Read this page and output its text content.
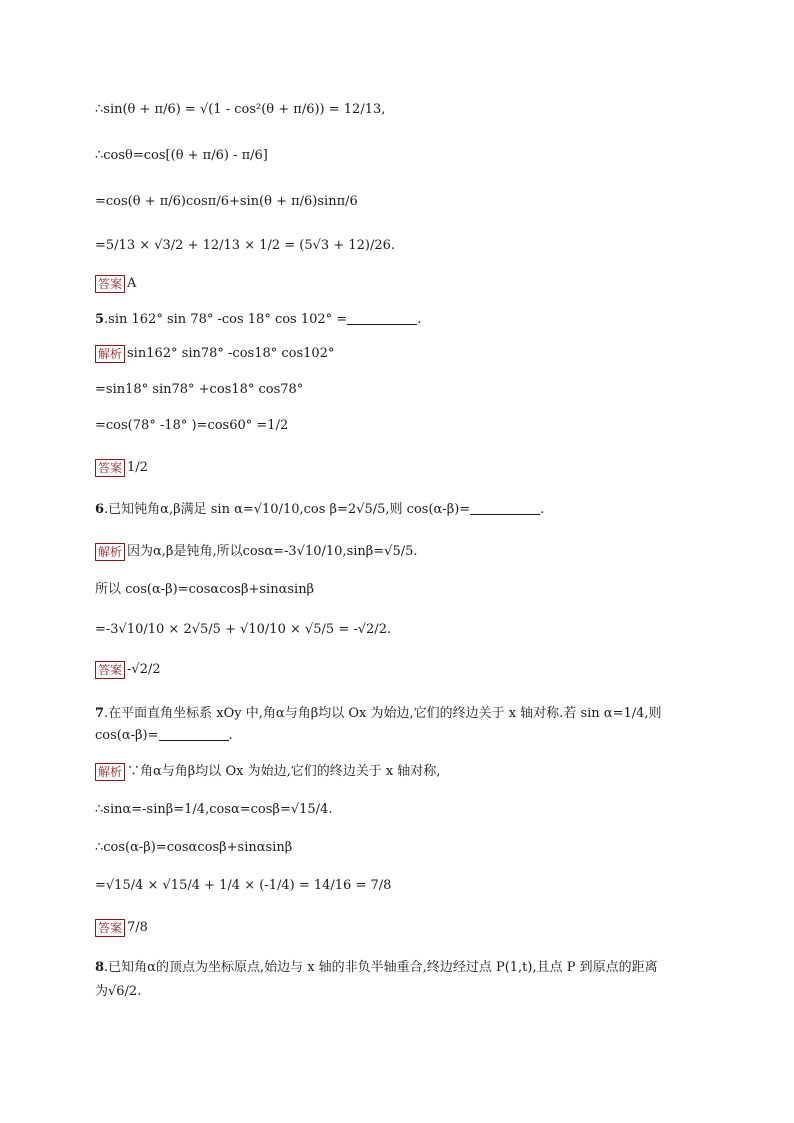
∴sin(θ + π/6) = √(1 - cos²(θ + π/6)) = 12/13,
∴cosθ=cos[(θ + π/6) - π/6]
=cos(θ + π/6)cosπ/6+sin(θ + π/6)sinπ/6
=5/13 × √3/2 + 12/13 × 1/2 = (5√3 + 12)/26.
答案 A
5.sin 162° sin 78° -cos 18° cos 102° =	.
解析 sin162° sin78° -cos18° cos102°
=sin18° sin78° +cos18° cos78°
=cos(78° -18° )=cos60° =1/2
答案 1/2
6.已知钝角α,β满足 sin α=√10/10,cos β=2√5/5,则 cos(α-β)=	.
解析 因为α,β是钝角,所以cosα=-3√10/10,sinβ=√5/5.
所以 cos(α-β)=cosαcosβ+sinαsinβ
=-3√10/10 × 2√5/5 + √10/10 × √5/5 = -√2/2.
答案 -√2/2
7.在平面直角坐标系 xOy 中,角α与角β均以 Ox 为始边,它们的终边关于 x 轴对称.若 sin α=1/4,则
cos(α-β)=	.
解析 ∵角α与角β均以 Ox 为始边,它们的终边关于 x 轴对称,
∴sinα=-sinβ=1/4,cosα=cosβ=√15/4.
∴cos(α-β)=cosαcosβ+sinαsinβ
=√15/4 × √15/4 + 1/4 × (-1/4) = 14/16 = 7/8
答案 7/8
8.已知角α的顶点为坐标原点,始边与 x 轴的非负半轴重合,终边经过点 P(1,t),且点 P 到原点的距离
为√6/2.
